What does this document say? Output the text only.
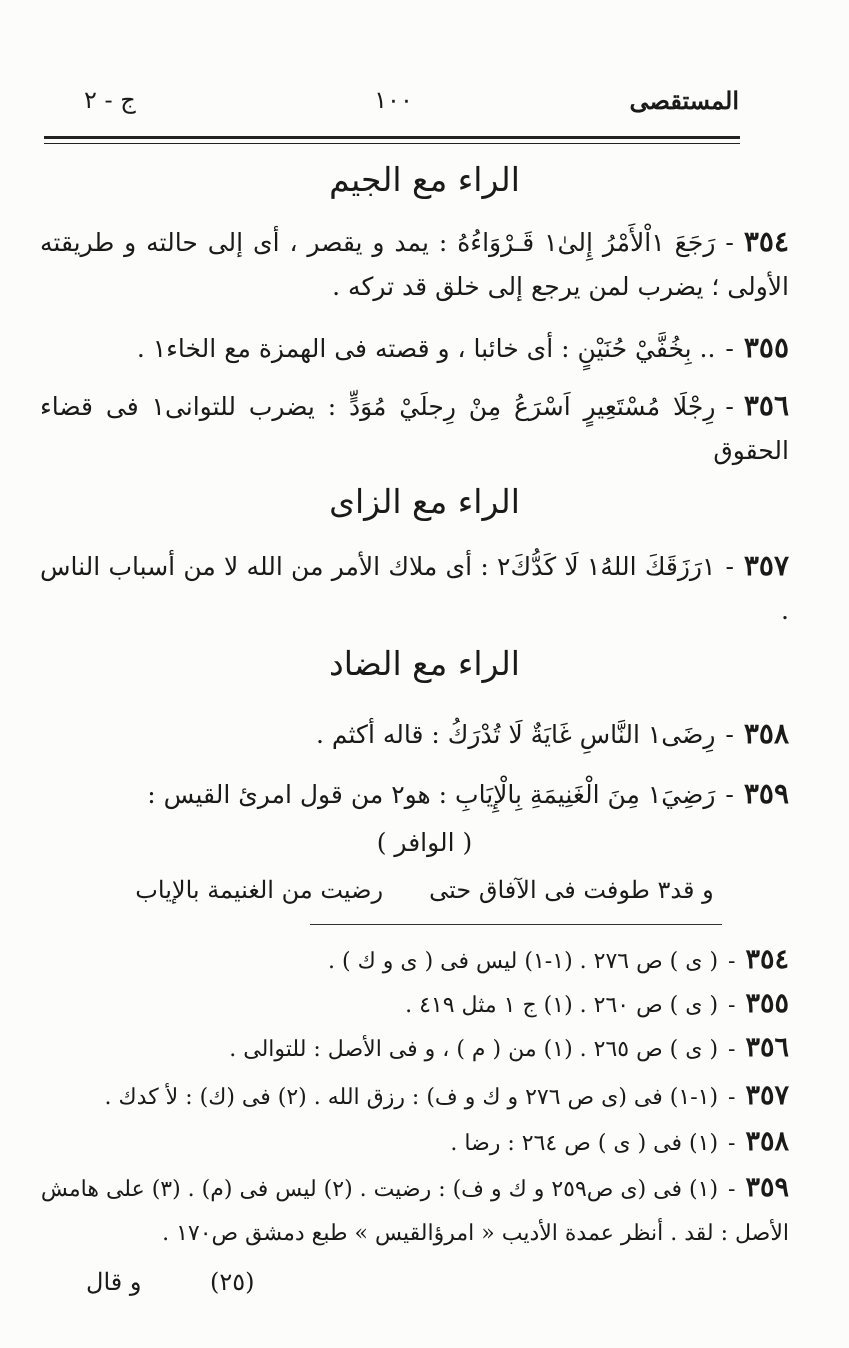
المستقصى
١٠٠
ج - ٢
الراء مع الجيم
٣٥٤-رَجَعَ ١اْلأَمْرُ إِلىٰ١ قَـرْوَاءُهُ : يمد و يقصر ، أى إلى حالته و طريقته الأولى ؛ يضرب لمن يرجع إلى خلق قد تركه .
٣٥٥-.. بِخُفَّيْ حُنَيْنٍ : أى خائبا ، و قصته فى الهمزة مع الخاء١ .
٣٥٦-رِجْلَا مُسْتَعِيرٍ اَسْرَعُ مِنْ رِجلَيْ مُوَدٍّ : يضرب للتوانى١ فى قضاء الحقوق
الراء مع الزاى
٣٥٧-١رَزَقَكَ اللهُ١ لَا كَدُّكَ٢ : أى ملاك الأمر من الله لا من أسباب الناس .
الراء مع الضاد
٣٥٨-رِضَى١ النَّاسِ غَايَةٌ لَا تُدْرَكُ : قاله أكثم .
٣٥٩-رَضِيَ١ مِنَ الْغَنِيمَةِ بِالْإِيَابِ : هو٢ من قول امرئ القيس :
( الوافر )
و قد٣ طوفت فى الآفاق حتى
رضيت من الغنيمة بالإياب
٣٥٤-( ى ) ص ٢٧٦ . (١-١) ليس فى ( ى و ك ) .
٣٥٥-( ى ) ص ٢٦٠ . (١) ج ١ مثل ٤١٩ .
٣٥٦-( ى ) ص ٢٦٥ . (١) من ( م ) ، و فى الأصل : للتوالى .
٣٥٧-(١-١) فى (ى ص ٢٧٦ و ك و ف) : رزق الله . (٢) فى (ك) : لأ كدك .
٣٥٨-(١) فى ( ى ) ص ٢٦٤ : رضا .
٣٥٩-(١) فى (ى ص٢٥٩ و ك و ف) : رضيت . (٢) ليس فى (م) . (٣) على هامش الأصل : لقد . أنظر عمدة الأديب « امرؤالقيس » طبع دمشق ص١٧٠ .
(٢٥)
و قال
